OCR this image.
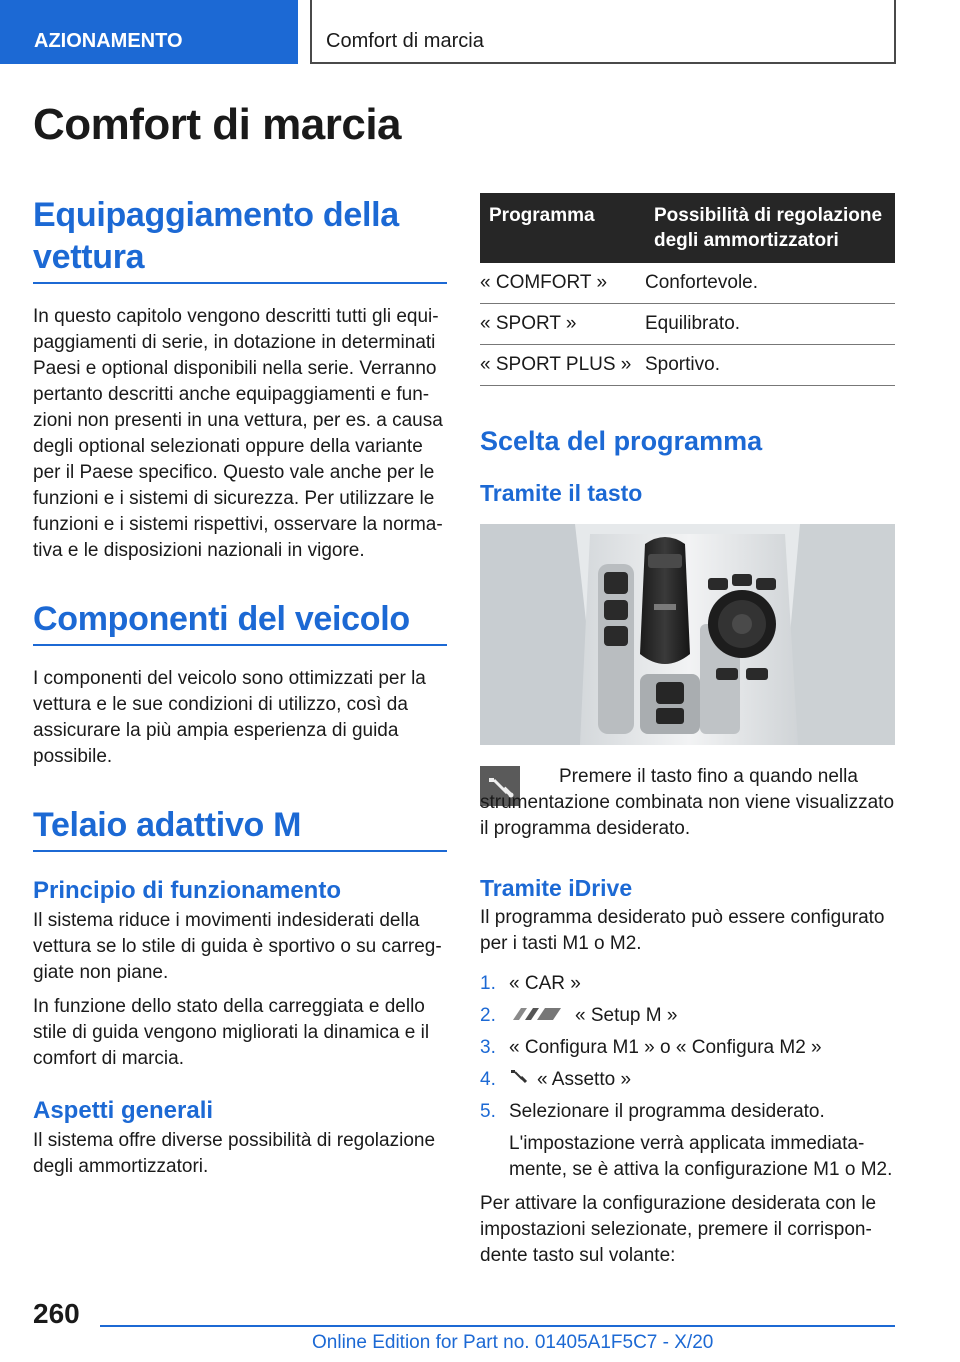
AZIONAMENTO	Comfort di marcia
Comfort di marcia
Equipaggiamento della vettura

In questo capitolo vengono descritti tutti gli equipaggiamenti di serie, in dotazione in determinati Paesi e optional disponibili nella serie. Verranno pertanto descritti anche equipaggiamenti e funzioni non presenti in una vettura, per es. a causa degli optional selezionati oppure della variante per il Paese specifico. Questo vale anche per le funzioni e i sistemi di sicurezza. Per utilizzare le funzioni e i sistemi rispettivi, osservare la normativa e le disposizioni nazionali in vigore.

Componenti del veicolo

I componenti del veicolo sono ottimizzati per la vettura e le sue condizioni di utilizzo, così da assicurare la più ampia esperienza di guida possibile.

Telaio adattivo M
Principio di funzionamento

Il sistema riduce i movimenti indesiderati della vettura se lo stile di guida è sportivo o su carreggiate non piane.

In funzione dello stato della carreggiata e dello stile di guida vengono migliorati la dinamica e il comfort di marcia.

Aspetti generali

Il sistema offre diverse possibilità di regolazione degli ammortizzatori.

Programma	Possibilità di regolazione degli ammortizzatori
« COMFORT »	Confortevole.
« SPORT »	Equilibrato.
« SPORT PLUS »	Sportivo.
Scelta del programma
Tramite il tasto

Premere il tasto fino a quando nella strumentazione combinata non viene visualizzato il programma desiderato.

Tramite iDrive

Il programma desiderato può essere configurato per i tasti M1 o M2.

1. « CAR »
2.	« Setup M »
3. « Configura M1 » o « Configura M2 »
4. « Assetto »
5. Selezionare il programma desiderato.

L'impostazione verrà applicata immediatamente, se è attiva la configurazione M1 o M2.

Per attivare la configurazione desiderata con le impostazioni selezionate, premere il corrispondente tasto sul volante:

260
Online Edition for Part no. 01405A1F5C7 - X/20
